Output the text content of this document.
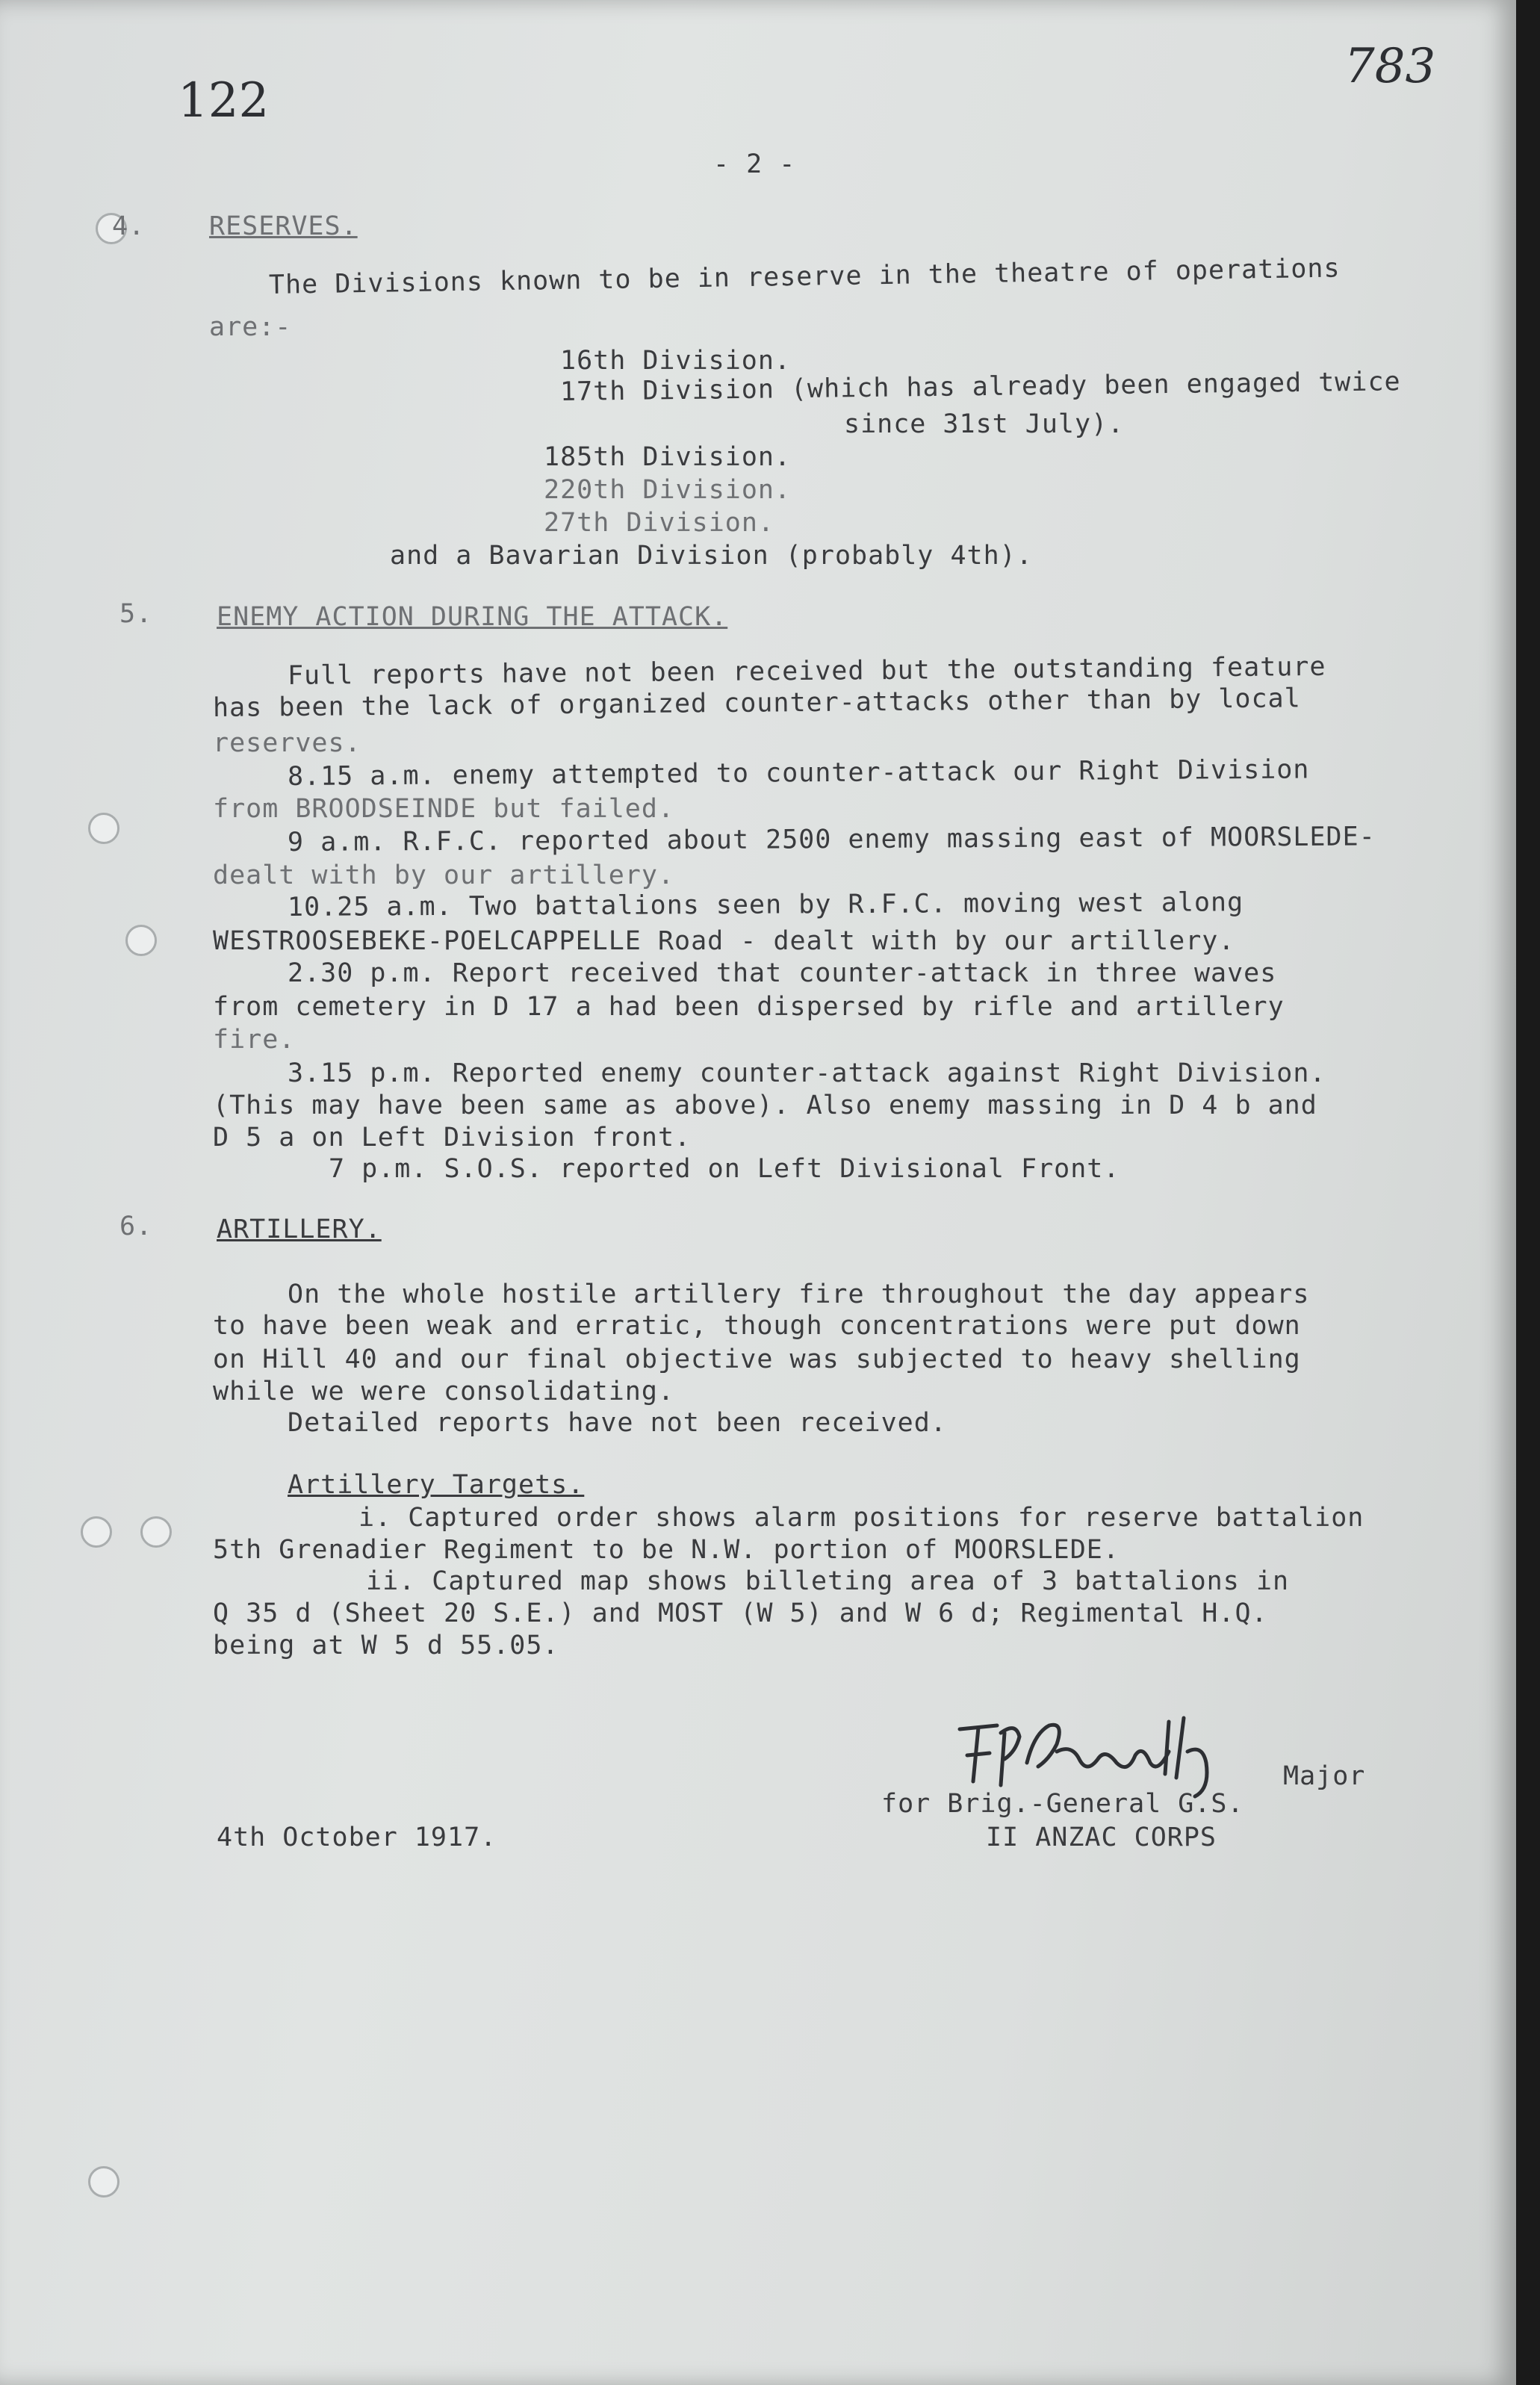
122
783
- 2 -
4. RESERVES.
The Divisions known to be in reserve in the theatre of operations
are:-
16th Division.
17th Division (which has already been engaged twice
since 31st July).
185th Division.
220th Division.
27th Division.
and a Bavarian Division (probably 4th).
5. ENEMY ACTION DURING THE ATTACK.
Full reports have not been received but the outstanding feature
has been the lack of organized counter-attacks other than by local
reserves.
8.15 a.m. enemy attempted to counter-attack our Right Division
from BROODSEINDE but failed.
9 a.m. R.F.C. reported about 2500 enemy massing east of MOORSLEDE-
dealt with by our artillery.
10.25 a.m. Two battalions seen by R.F.C. moving west along
WESTROOSEBEKE-POELCAPPELLE Road - dealt with by our artillery.
2.30 p.m. Report received that counter-attack in three waves
from cemetery in D 17 a had been dispersed by rifle and artillery
fire.
3.15 p.m. Reported enemy counter-attack against Right Division.
(This may have been same as above). Also enemy massing in D 4 b and
D 5 a on Left Division front.
7 p.m. S.O.S. reported on Left Divisional Front.
6. ARTILLERY.
On the whole hostile artillery fire throughout the day appears
to have been weak and erratic, though concentrations were put down
on Hill 40 and our final objective was subjected to heavy shelling
while we were consolidating.
Detailed reports have not been received.
Artillery Targets.
i. Captured order shows alarm positions for reserve battalion
5th Grenadier Regiment to be N.W. portion of MOORSLEDE.
ii. Captured map shows billeting area of 3 battalions in
Q 35 d (Sheet 20 S.E.) and MOST (W 5) and W 6 d; Regimental H.Q.
being at W 5 d 55.05.
Major
for Brig.-General G.S.
4th October 1917.	II ANZAC CORPS
